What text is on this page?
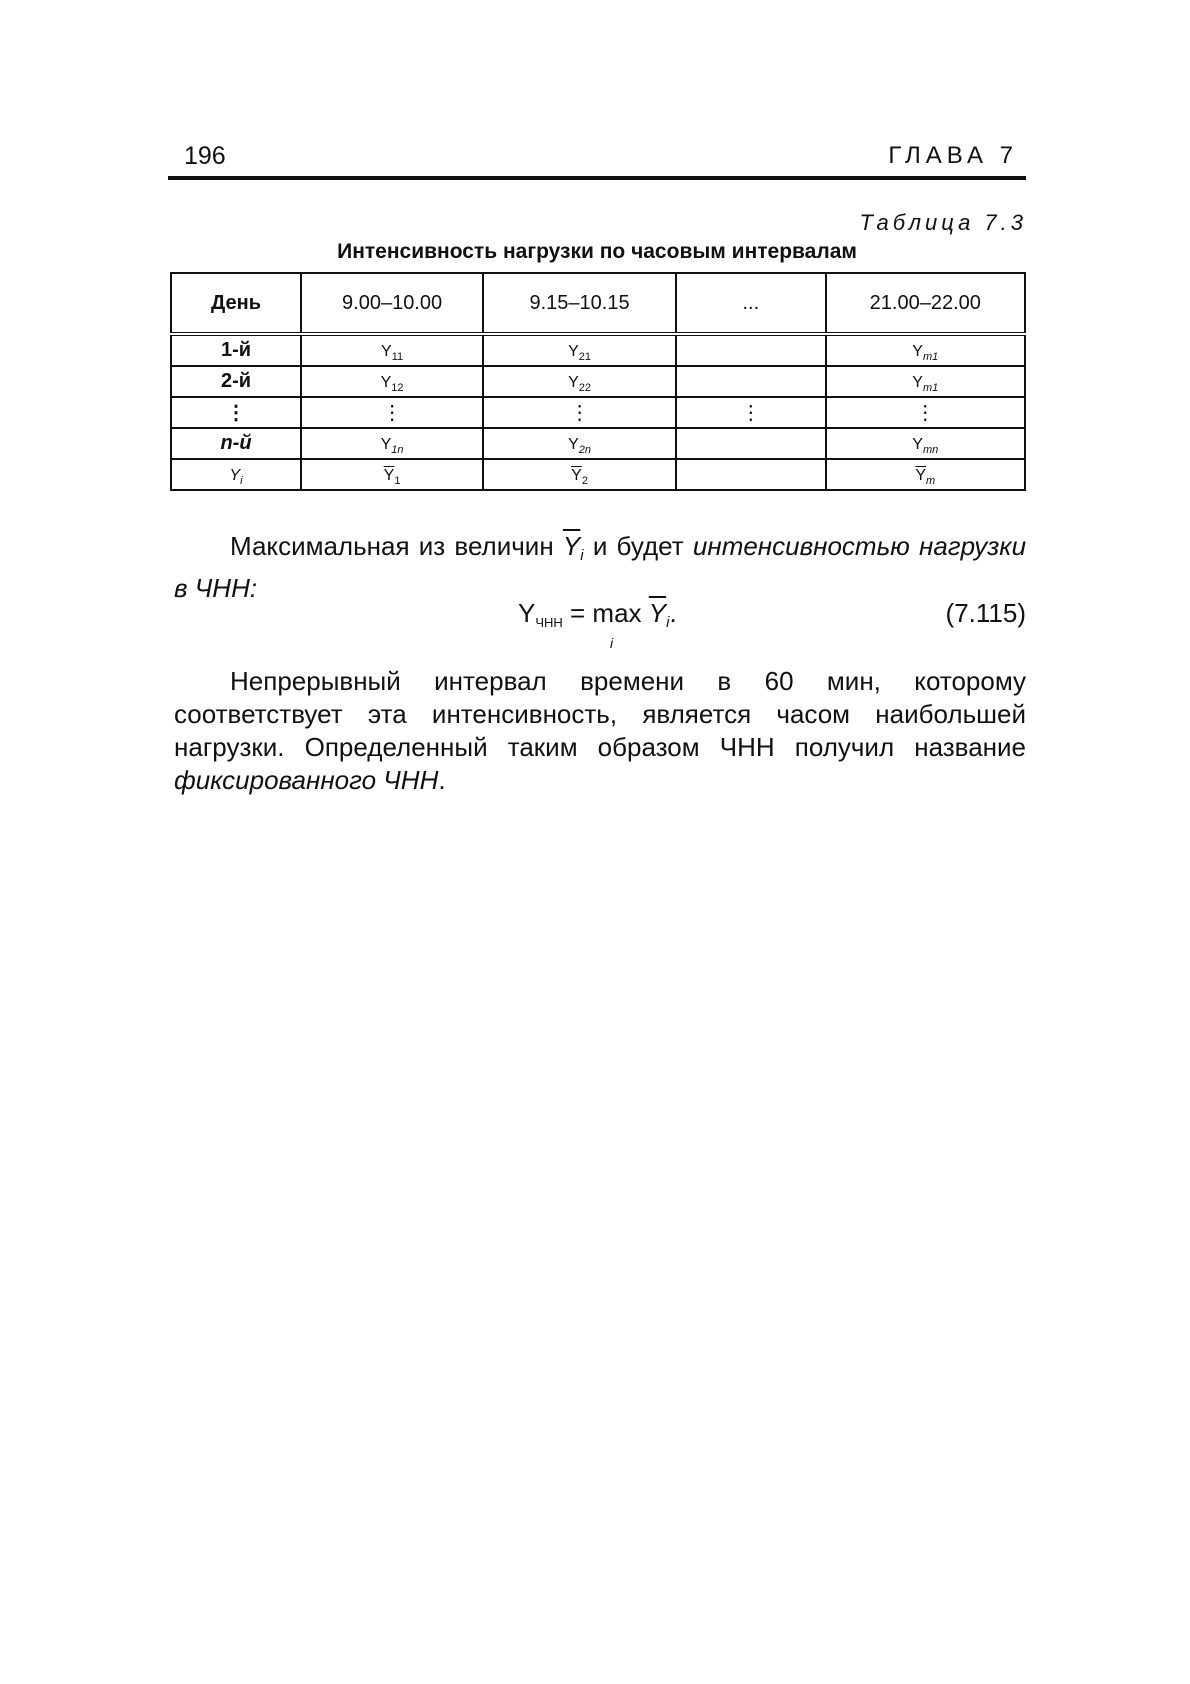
196	ГЛАВА 7
Таблица 7.3
Интенсивность нагрузки по часовым интервалам
День	9.00–10.00	9.15–10.15	...	21.00–22.00
1-й	$Y_{11}$	$Y_{21}$		$Y_{m1}$
2-й	$Y_{12}$	$Y_{22}$		$Y_{m1}$
⋮	⋮	⋮	⋮	⋮
n-й	$Y_{1n}$	$Y_{2n}$		$Y_{mn}$
$Y_i$	$\overline{Y}_1$	$\overline{Y}_2$		$\overline{Y}_m$
Максимальная из величин $\overline{Y}i$ и будет интенсивностью нагрузки в ЧНН:
YЧНН = $\max \overline{Y}i$.
i
(7.115)
Непрерывный интервал времени в 60 мин, которому соответствует эта интенсивность, является часом наибольшей нагрузки. Определенный таким образом ЧНН получил название фиксированного ЧНН.
